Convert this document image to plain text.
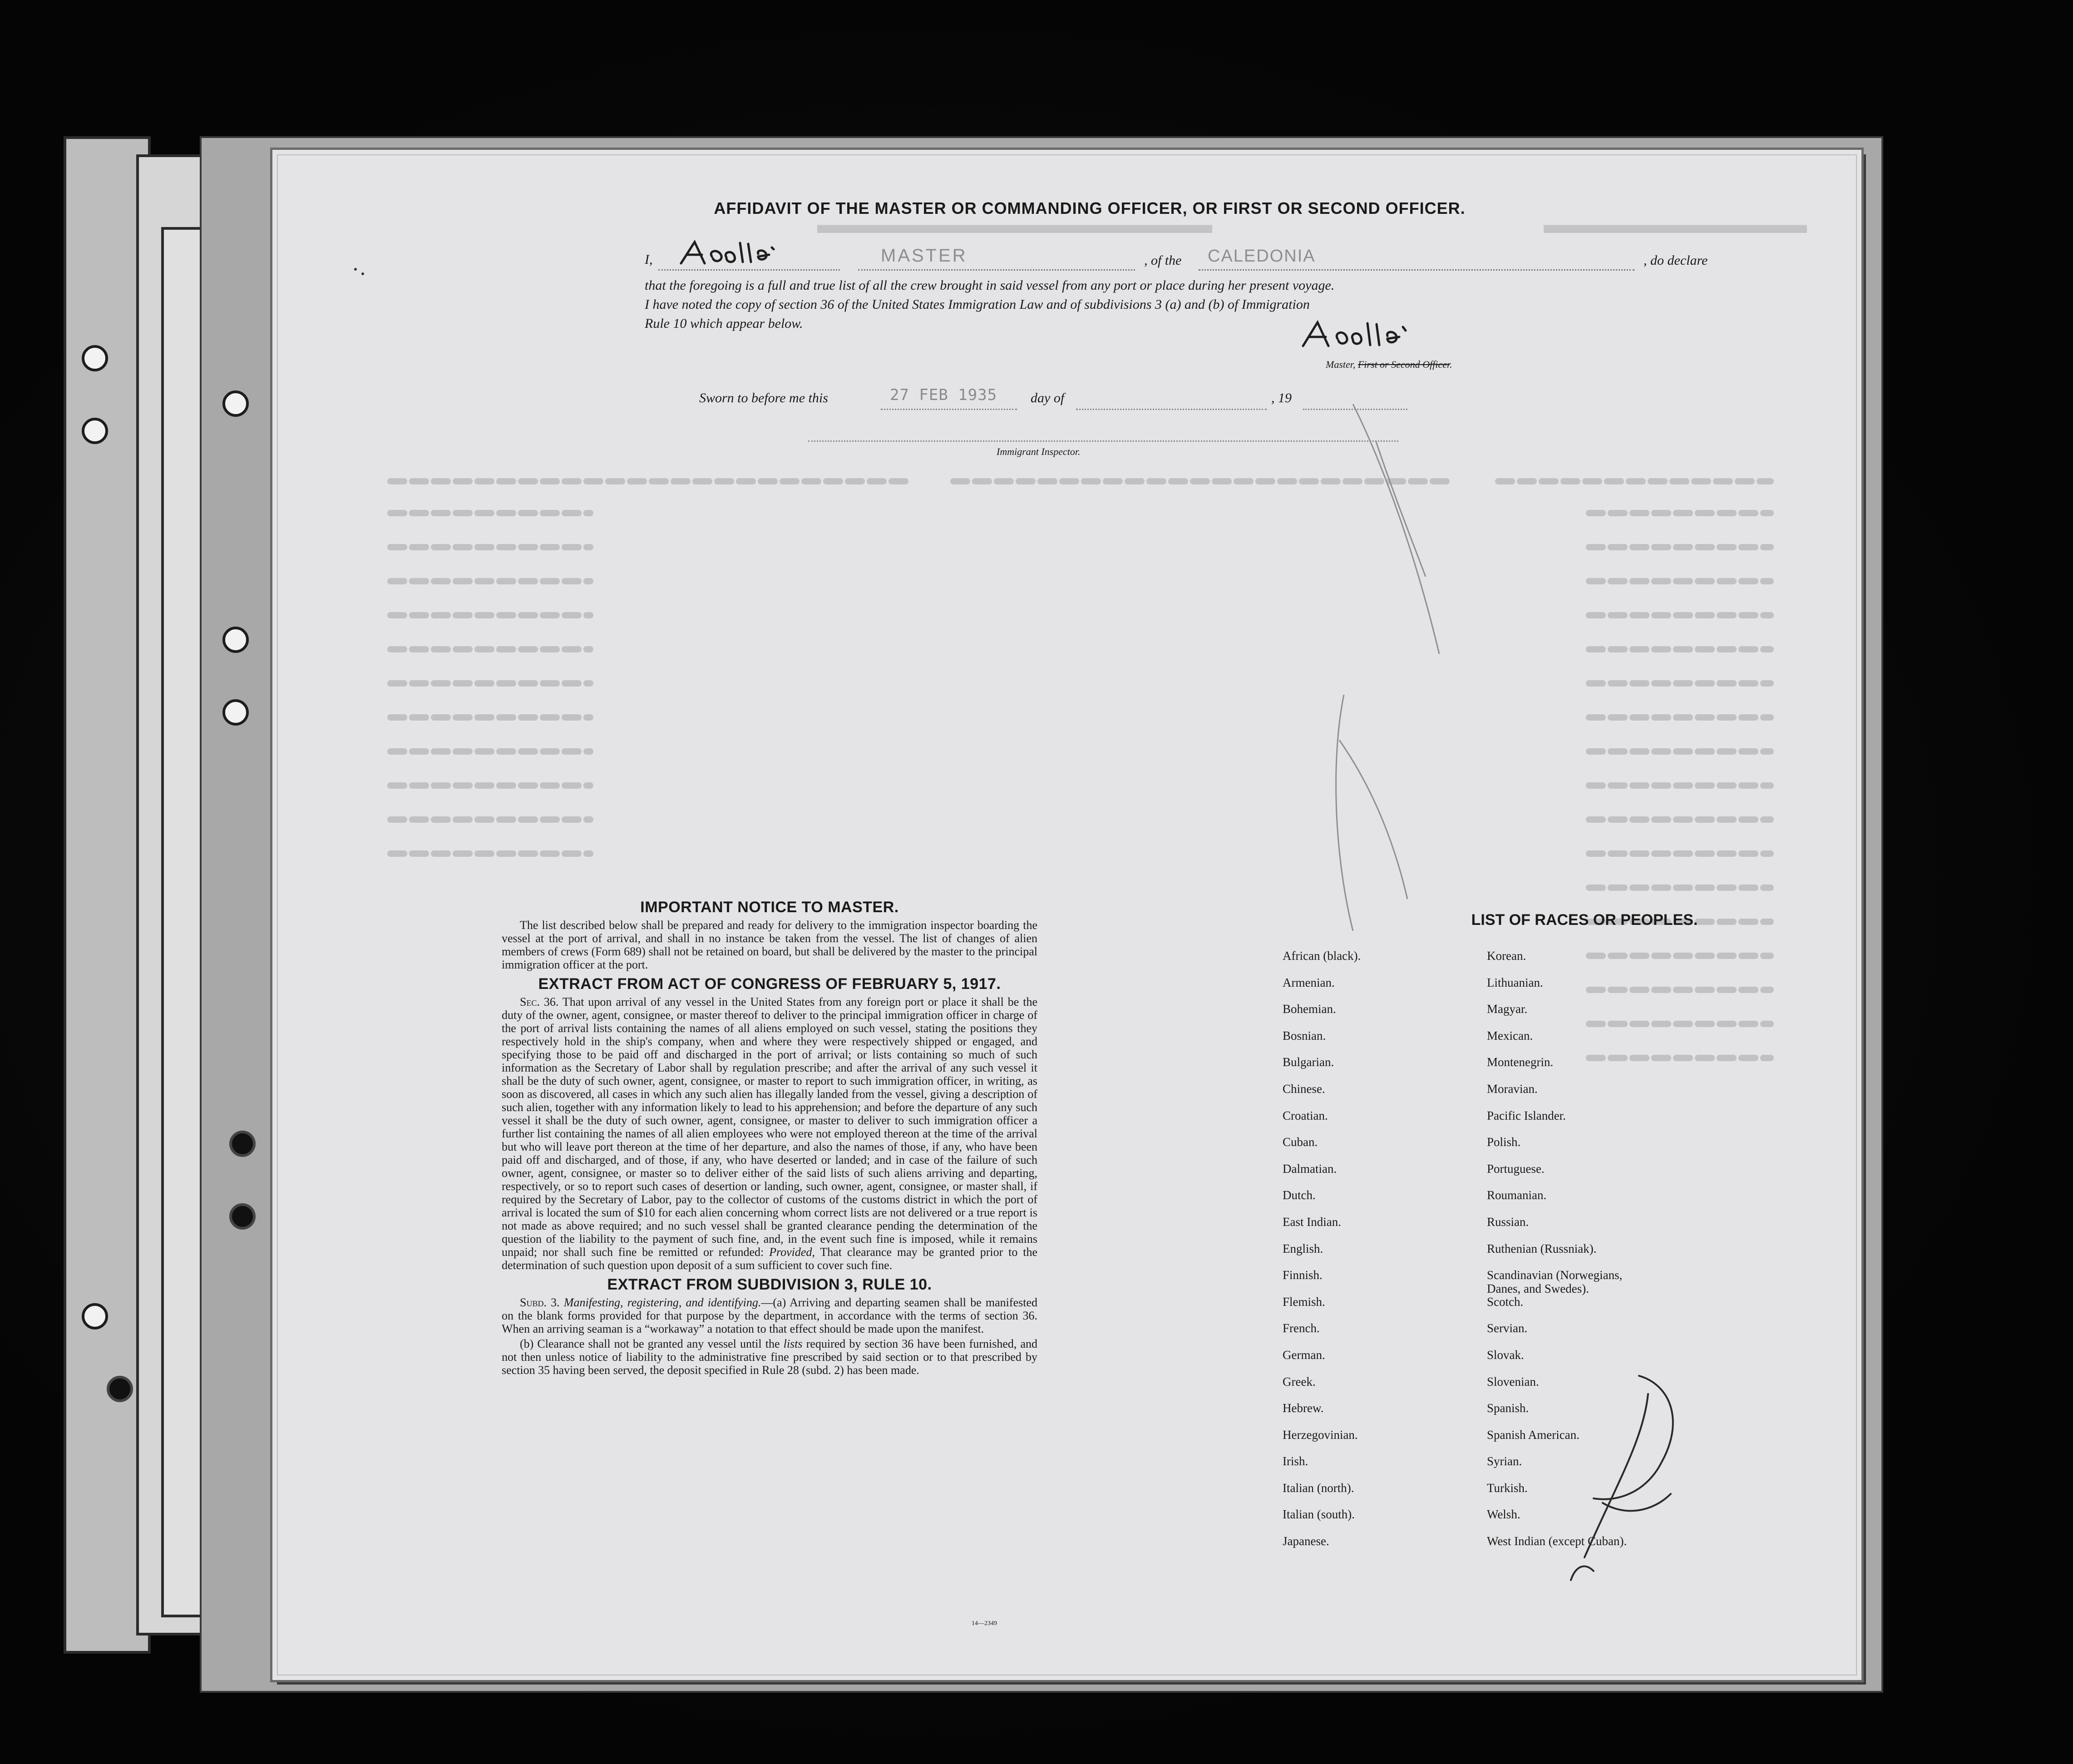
▬▬▬▬▬▬▬▬▬▬▬▬▬▬▬	▬▬▬▬▬▬▬▬▬▬
AFFIDAVIT OF THE MASTER OR COMMANDING OFFICER, OR FIRST OR SECOND OFFICER.
I,	MASTER	, of the CALEDONIA	, do declare
that the foregoing is a full and true list of all the crew brought in said vessel from any port or place during her present voyage.
I have noted the copy of section 36 of the United States Immigration Law and of subdivisions 3 (a) and (b) of Immigration
Rule 10 which appear below.
Master, First or Second Officer.
Sworn to before me this	27 FEB 1935 day of	, 19
Immigrant Inspector.
IMPORTANT NOTICE TO MASTER.

The list described below shall be prepared and ready for delivery to the immigration inspector boarding the vessel at the port of arrival, and shall in no instance be taken from the vessel. The list of changes of alien members of crews (Form 689) shall not be retained on board, but shall be delivered by the master to the principal immigration officer at the port.

EXTRACT FROM ACT OF CONGRESS OF FEBRUARY 5, 1917.

Sec. 36. That upon arrival of any vessel in the United States from any foreign port or place it shall be the duty of the owner, agent, consignee, or master thereof to deliver to the principal immigration officer in charge of the port of arrival lists containing the names of all aliens employed on such vessel, stating the positions they respectively hold in the ship's company, when and where they were respectively shipped or engaged, and specifying those to be paid off and discharged in the port of arrival; or lists containing so much of such information as the Secretary of Labor shall by regulation prescribe; and after the arrival of any such vessel it shall be the duty of such owner, agent, consignee, or master to report to such immigration officer, in writing, as soon as discovered, all cases in which any such alien has illegally landed from the vessel, giving a description of such alien, together with any information likely to lead to his apprehension; and before the departure of any such vessel it shall be the duty of such owner, agent, consignee, or master to deliver to such immigration officer a further list containing the names of all alien employees who were not employed thereon at the time of the arrival but who will leave port thereon at the time of her departure, and also the names of those, if any, who have been paid off and discharged, and of those, if any, who have deserted or landed; and in case of the failure of such owner, agent, consignee, or master so to deliver either of the said lists of such aliens arriving and departing, respectively, or so to report such cases of desertion or landing, such owner, agent, consignee, or master shall, if required by the Secretary of Labor, pay to the collector of customs of the customs district in which the port of arrival is located the sum of $10 for each alien concerning whom correct lists are not delivered or a true report is not made as above required; and no such vessel shall be granted clearance pending the determination of the question of the liability to the payment of such fine, and, in the event such fine is imposed, while it remains unpaid; nor shall such fine be remitted or refunded: Provided, That clearance may be granted prior to the determination of such question upon deposit of a sum sufficient to cover such fine.

EXTRACT FROM SUBDIVISION 3, RULE 10.

Subd. 3. Manifesting, registering, and identifying.—(a) Arriving and departing seamen shall be manifested on the blank forms provided for that purpose by the department, in accordance with the terms of section 36. When an arriving seaman is a “workaway” a notation to that effect should be made upon the manifest.

(b) Clearance shall not be granted any vessel until the lists required by section 36 have been furnished, and not then unless notice of liability to the administrative fine prescribed by said section or to that prescribed by section 35 having been served, the deposit specified in Rule 28 (subd. 2) has been made.

14—2349
LIST OF RACES OR PEOPLES.
African (black).
Armenian.
Bohemian.
Bosnian.
Bulgarian.
Chinese.
Croatian.
Cuban.
Dalmatian.
Dutch.
East Indian.
English.
Finnish.
Flemish.
French.
German.
Greek.
Hebrew.
Herzegovinian.
Irish.
Italian (north).
Italian (south).
Japanese.
Korean.
Lithuanian.
Magyar.
Mexican.
Montenegrin.
Moravian.
Pacific Islander.
Polish.
Portuguese.
Roumanian.
Russian.
Ruthenian (Russniak).
Scandinavian (Norwegians,
Danes, and Swedes).
Scotch.
Servian.
Slovak.
Slovenian.
Spanish.
Spanish American.
Syrian.
Turkish.
Welsh.
West Indian (except Cuban).
